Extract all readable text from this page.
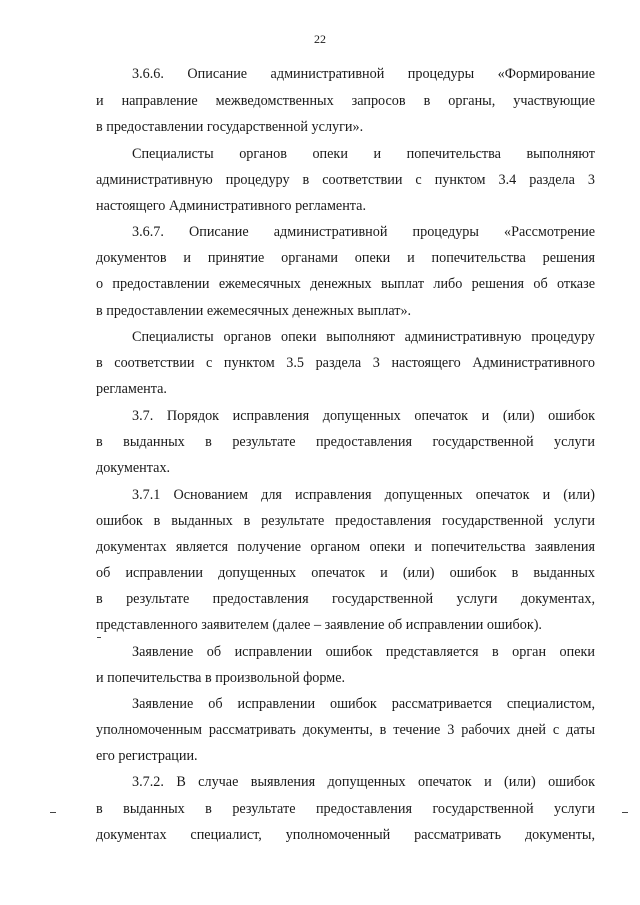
22
3.6.6. Описание административной процедуры «Формирование
и направление межведомственных запросов в органы, участвующие
в предоставлении государственной услуги».
Специалисты органов опеки и попечительства выполняют
административную процедуру в соответствии с пунктом 3.4 раздела 3
настоящего Административного регламента.
3.6.7. Описание административной процедуры «Рассмотрение
документов и принятие органами опеки и попечительства решения
о предоставлении ежемесячных денежных выплат либо решения об отказе
в предоставлении ежемесячных денежных выплат».
Специалисты органов опеки выполняют административную процедуру
в соответствии с пунктом 3.5 раздела 3 настоящего Административного
регламента.
3.7. Порядок исправления допущенных опечаток и (или) ошибок
в выданных в результате предоставления государственной услуги
документах.
3.7.1 Основанием для исправления допущенных опечаток и (или)
ошибок в выданных в результате предоставления государственной услуги
документах является получение органом опеки и попечительства заявления
об исправлении допущенных опечаток и (или) ошибок в выданных
в результате предоставления государственной услуги документах,
представленного заявителем (далее – заявление об исправлении ошибок).
Заявление об исправлении ошибок представляется в орган опеки
и попечительства в произвольной форме.
Заявление об исправлении ошибок рассматривается специалистом,
уполномоченным рассматривать документы, в течение 3 рабочих дней с даты
его регистрации.
3.7.2. В случае выявления допущенных опечаток и (или) ошибок
в выданных в результате предоставления государственной услуги
документах специалист, уполномоченный рассматривать документы,
